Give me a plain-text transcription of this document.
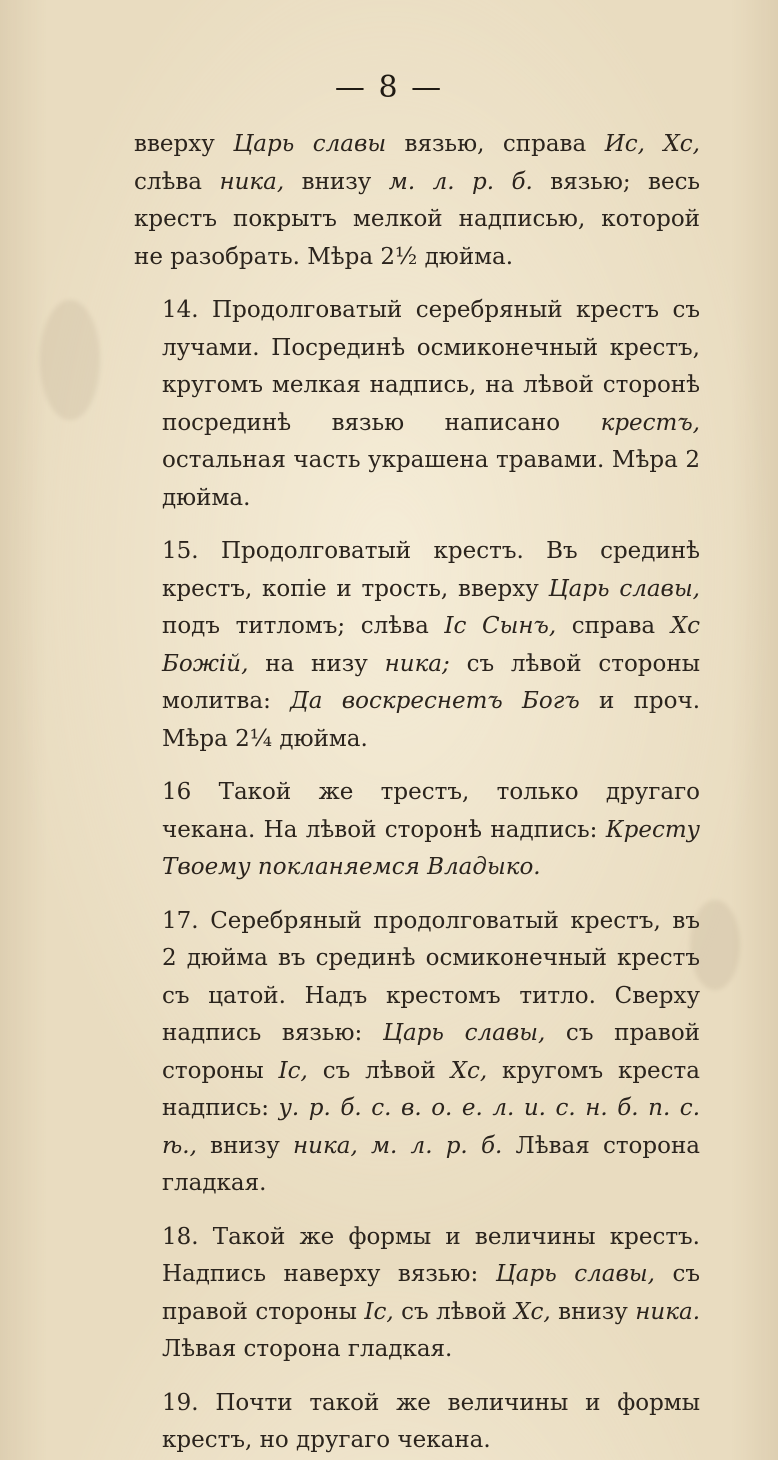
— 8 —

вверху Царь славы вязью, справа Ис, Хс, слѣва ника, внизу м. л. р. б. вязью; весь крестъ покрытъ мелкой надписью, которой не разобрать. Мѣра 2½ дюйма.

14. Продолговатый серебряный крестъ съ лучами. Посрединѣ осмиконечный крестъ, кругомъ мелкая надпись, на лѣвой сторонѣ посрединѣ вязью написано крестъ, остальная часть украшена травами. Мѣра 2 дюйма.

15. Продолговатый крестъ. Въ срединѣ крестъ, копіе и трость, вверху Царь славы, подъ титломъ; слѣва Іс Сынъ, справа Хс Божій, на низу ника; съ лѣвой стороны молитва: Да воскреснетъ Богъ и проч. Мѣра 2¼ дюйма.

16 Такой же трестъ, только другаго чекана. На лѣвой сторонѣ надпись: Кресту Твоему покланяемся Владыко.

17. Серебряный продолговатый крестъ, въ 2 дюйма въ срединѣ осмиконечный крестъ съ цатой. Надъ крестомъ титло. Сверху надпись вязью: Царь славы, съ правой стороны Іс, съ лѣвой Хс, кругомъ креста надпись: у. р. б. с. в. о. е. л. и. с. н. б. п. с. ѣ., внизу ника, м. л. р. б. Лѣвая сторона гладкая.

18. Такой же формы и величины крестъ. Надпись наверху вязью: Царь славы, съ правой стороны Іс, съ лѣвой Хс, внизу ника. Лѣвая сторона гладкая.

19. Почти такой же величины и формы крестъ, но другаго чекана.
